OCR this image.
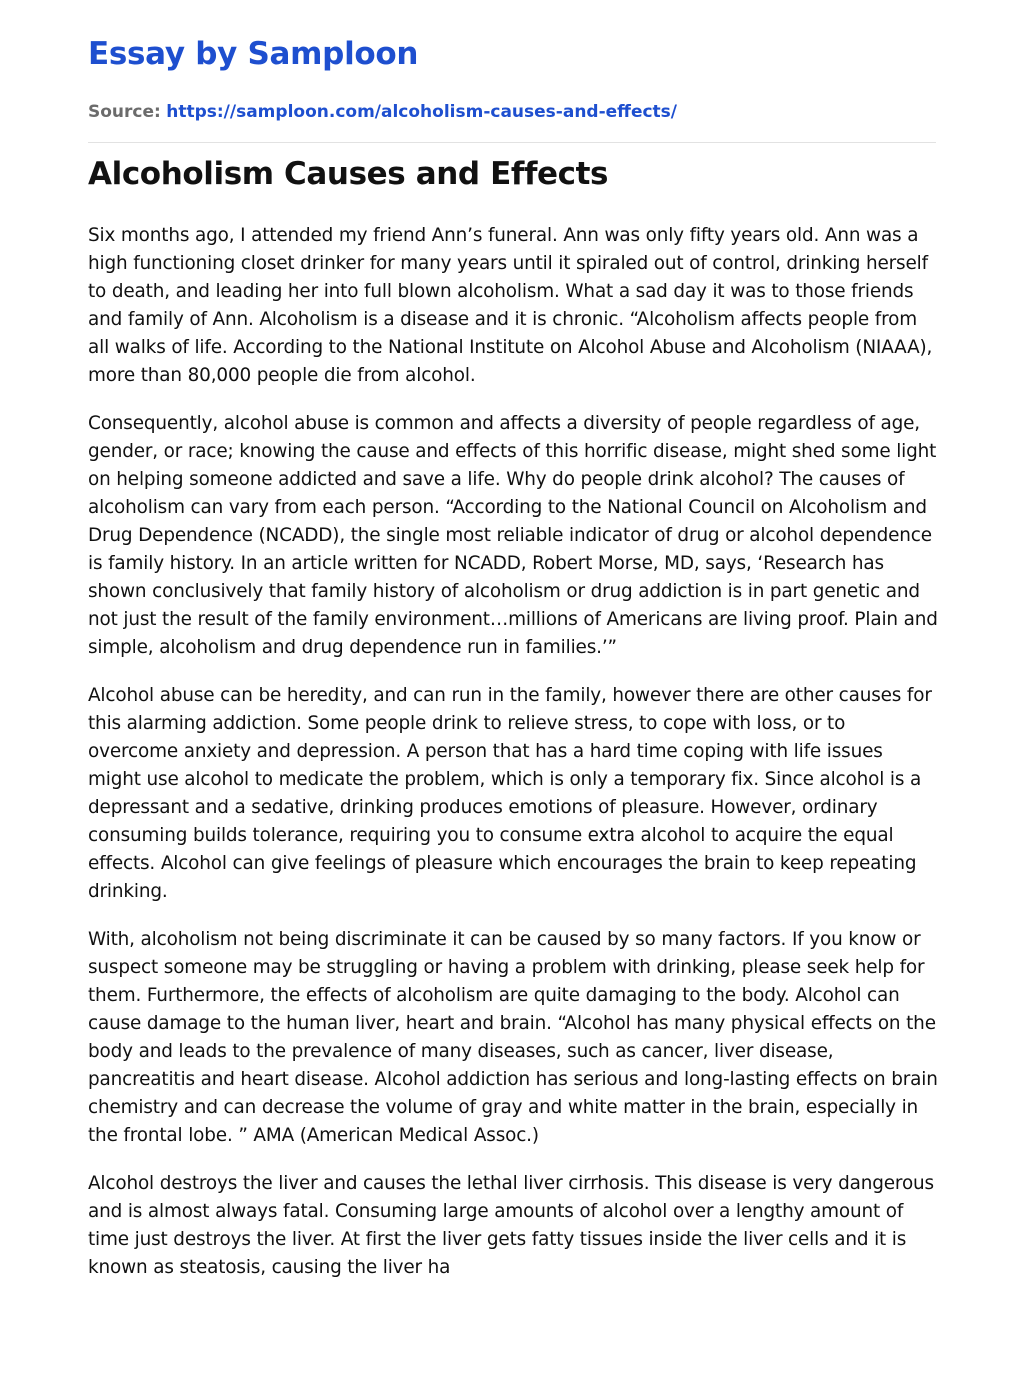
Essay by Samploon
Source: https://samploon.com/alcoholism-causes-and-effects/
Alcoholism Causes and Effects

Six months ago, I attended my friend Ann’s funeral. Ann was only fifty years old. Ann was a high functioning closet drinker for many years until it spiraled out of control, drinking herself to death, and leading her into full blown alcoholism. What a sad day it was to those friends and family of Ann. Alcoholism is a disease and it is chronic. “Alcoholism affects people from all walks of life. According to the National Institute on Alcohol Abuse and Alcoholism (NIAAA), more than 80,000 people die from alcohol.

Consequently, alcohol abuse is common and affects a diversity of people regardless of age, gender, or race; knowing the cause and effects of this horrific disease, might shed some light on helping someone addicted and save a life. Why do people drink alcohol? The causes of alcoholism can vary from each person. “According to the National Council on Alcoholism and Drug Dependence (NCADD), the single most reliable indicator of drug or alcohol dependence is family history. In an article written for NCADD, Robert Morse, MD, says, ‘Research has shown conclusively that family history of alcoholism or drug addiction is in part genetic and not just the result of the family environment…millions of Americans are living proof. Plain and simple, alcoholism and drug dependence run in families.’”

Alcohol abuse can be heredity, and can run in the family, however there are other causes for this alarming addiction. Some people drink to relieve stress, to cope with loss, or to overcome anxiety and depression. A person that has a hard time coping with life issues might use alcohol to medicate the problem, which is only a temporary fix. Since alcohol is a depressant and a sedative, drinking produces emotions of pleasure. However, ordinary consuming builds tolerance, requiring you to consume extra alcohol to acquire the equal effects. Alcohol can give feelings of pleasure which encourages the brain to keep repeating drinking.

With, alcoholism not being discriminate it can be caused by so many factors. If you know or suspect someone may be struggling or having a problem with drinking, please seek help for them. Furthermore, the effects of alcoholism are quite damaging to the body. Alcohol can cause damage to the human liver, heart and brain. “Alcohol has many physical effects on the body and leads to the prevalence of many diseases, such as cancer, liver disease, pancreatitis and heart disease. Alcohol addiction has serious and long-lasting effects on brain chemistry and can decrease the volume of gray and white matter in the brain, especially in the frontal lobe. ” AMA (American Medical Assoc.)

Alcohol destroys the liver and causes the lethal liver cirrhosis. This disease is very dangerous and is almost always fatal. Consuming large amounts of alcohol over a lengthy amount of time just destroys the liver. At first the liver gets fatty tissues inside the liver cells and it is known as steatosis, causing the liver ha
